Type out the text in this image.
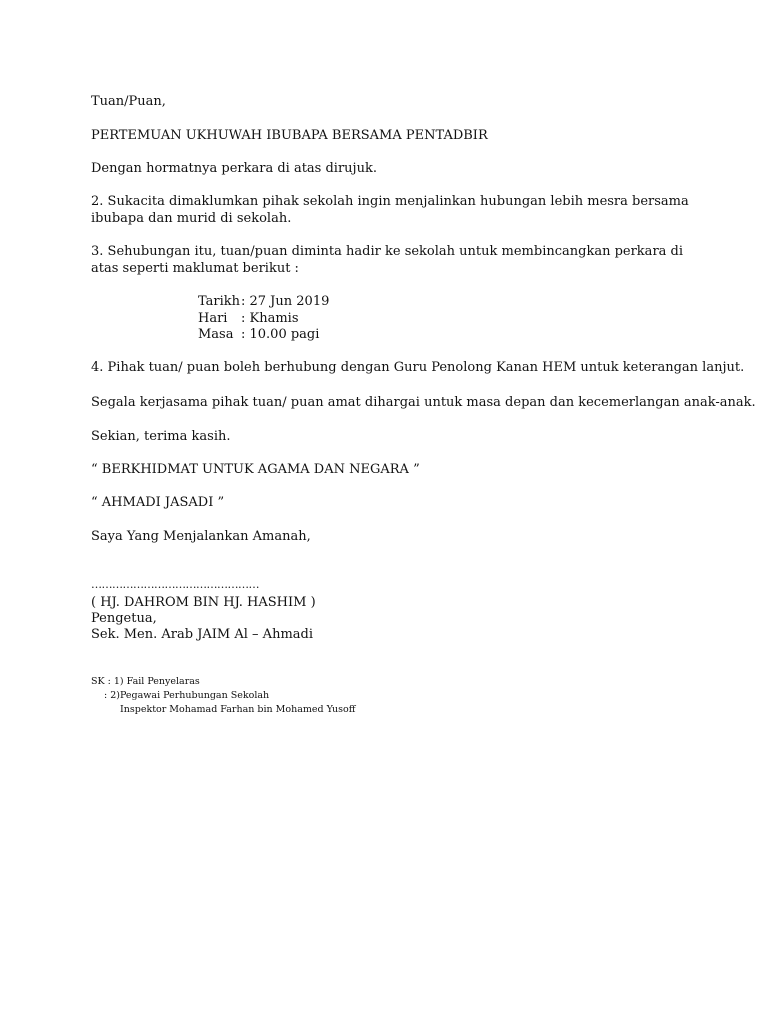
Tuan/Puan,
PERTEMUAN UKHUWAH IBUBAPA BERSAMA PENTADBIR
Dengan hormatnya perkara di atas dirujuk.
2. Sukacita dimaklumkan pihak sekolah ingin menjalinkan hubungan lebih mesra bersama ibubapa dan murid di sekolah.
3. Sehubungan itu, tuan/puan diminta hadir ke sekolah untuk membincangkan perkara di atas seperti maklumat berikut :
Tarikh : 27 Jun 2019
Hari : Khamis
Masa : 10.00 pagi
4. Pihak tuan/ puan boleh berhubung dengan Guru Penolong Kanan HEM untuk keterangan lanjut.
Segala kerjasama pihak tuan/ puan amat dihargai untuk masa depan dan kecemerlangan anak-anak.
Sekian, terima kasih.
“ BERKHIDMAT UNTUK AGAMA DAN NEGARA ”
“ AHMADI JASADI ”
Saya Yang Menjalankan Amanah,
…………………………………………
( HJ. DAHROM BIN HJ. HASHIM )
Pengetua,
Sek. Men. Arab JAIM Al – Ahmadi
SK : 1) Fail Penyelaras
: 2)Pegawai Perhubungan Sekolah
Inspektor Mohamad Farhan bin Mohamed Yusoff
